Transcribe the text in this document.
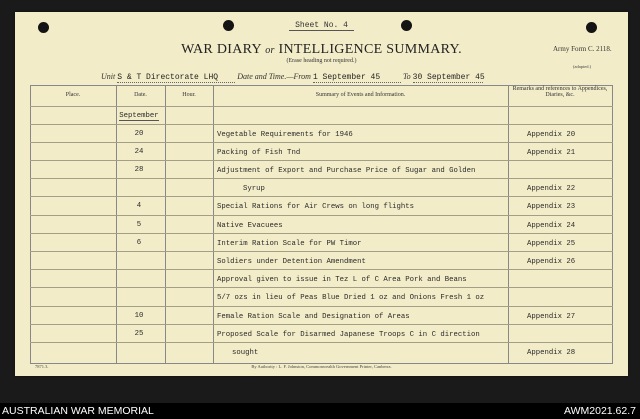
Sheet No. 4
WAR DIARY or INTELLIGENCE SUMMARY.
(Erase heading not required.)
Army Form C. 2118.
(adapted.)
Unit S & T Directorate LHQ Date and Time.—From 1 September 45	To 30 September 45
Place.	Date.	Hour.	Summary of Events and Information.
Remarks and references to Appendices, Diaries, &c.
September
20	Vegetable Requirements for 1946	Appendix 20
24	Packing of Fish Tnd	Appendix 21
28	Adjustment of Export and Purchase Price of Sugar and Golden
Syrup	Appendix 22
4	Special Rations for Air Crews on long flights	Appendix 23
5	Native Evacuees	Appendix 24
6	Interim Ration Scale for PW Timor	Appendix 25
Soldiers under Detention Amendment	Appendix 26
Approval given to issue in Tez L of C Area Pork and Beans
5/7 ozs in lieu of Peas Blue Dried 1 oz and Onions Fresh 1 oz
10	Female Ration Scale and Designation of Areas	Appendix 27
25	Proposed Scale for Disarmed Japanese Troops C in C direction
sought	Appendix 28
7871.3.	By Authority : L. F. Johnston, Commonwealth Government Printer, Canberra.
AUSTRALIAN WAR MEMORIAL	AWM2021.62.7
